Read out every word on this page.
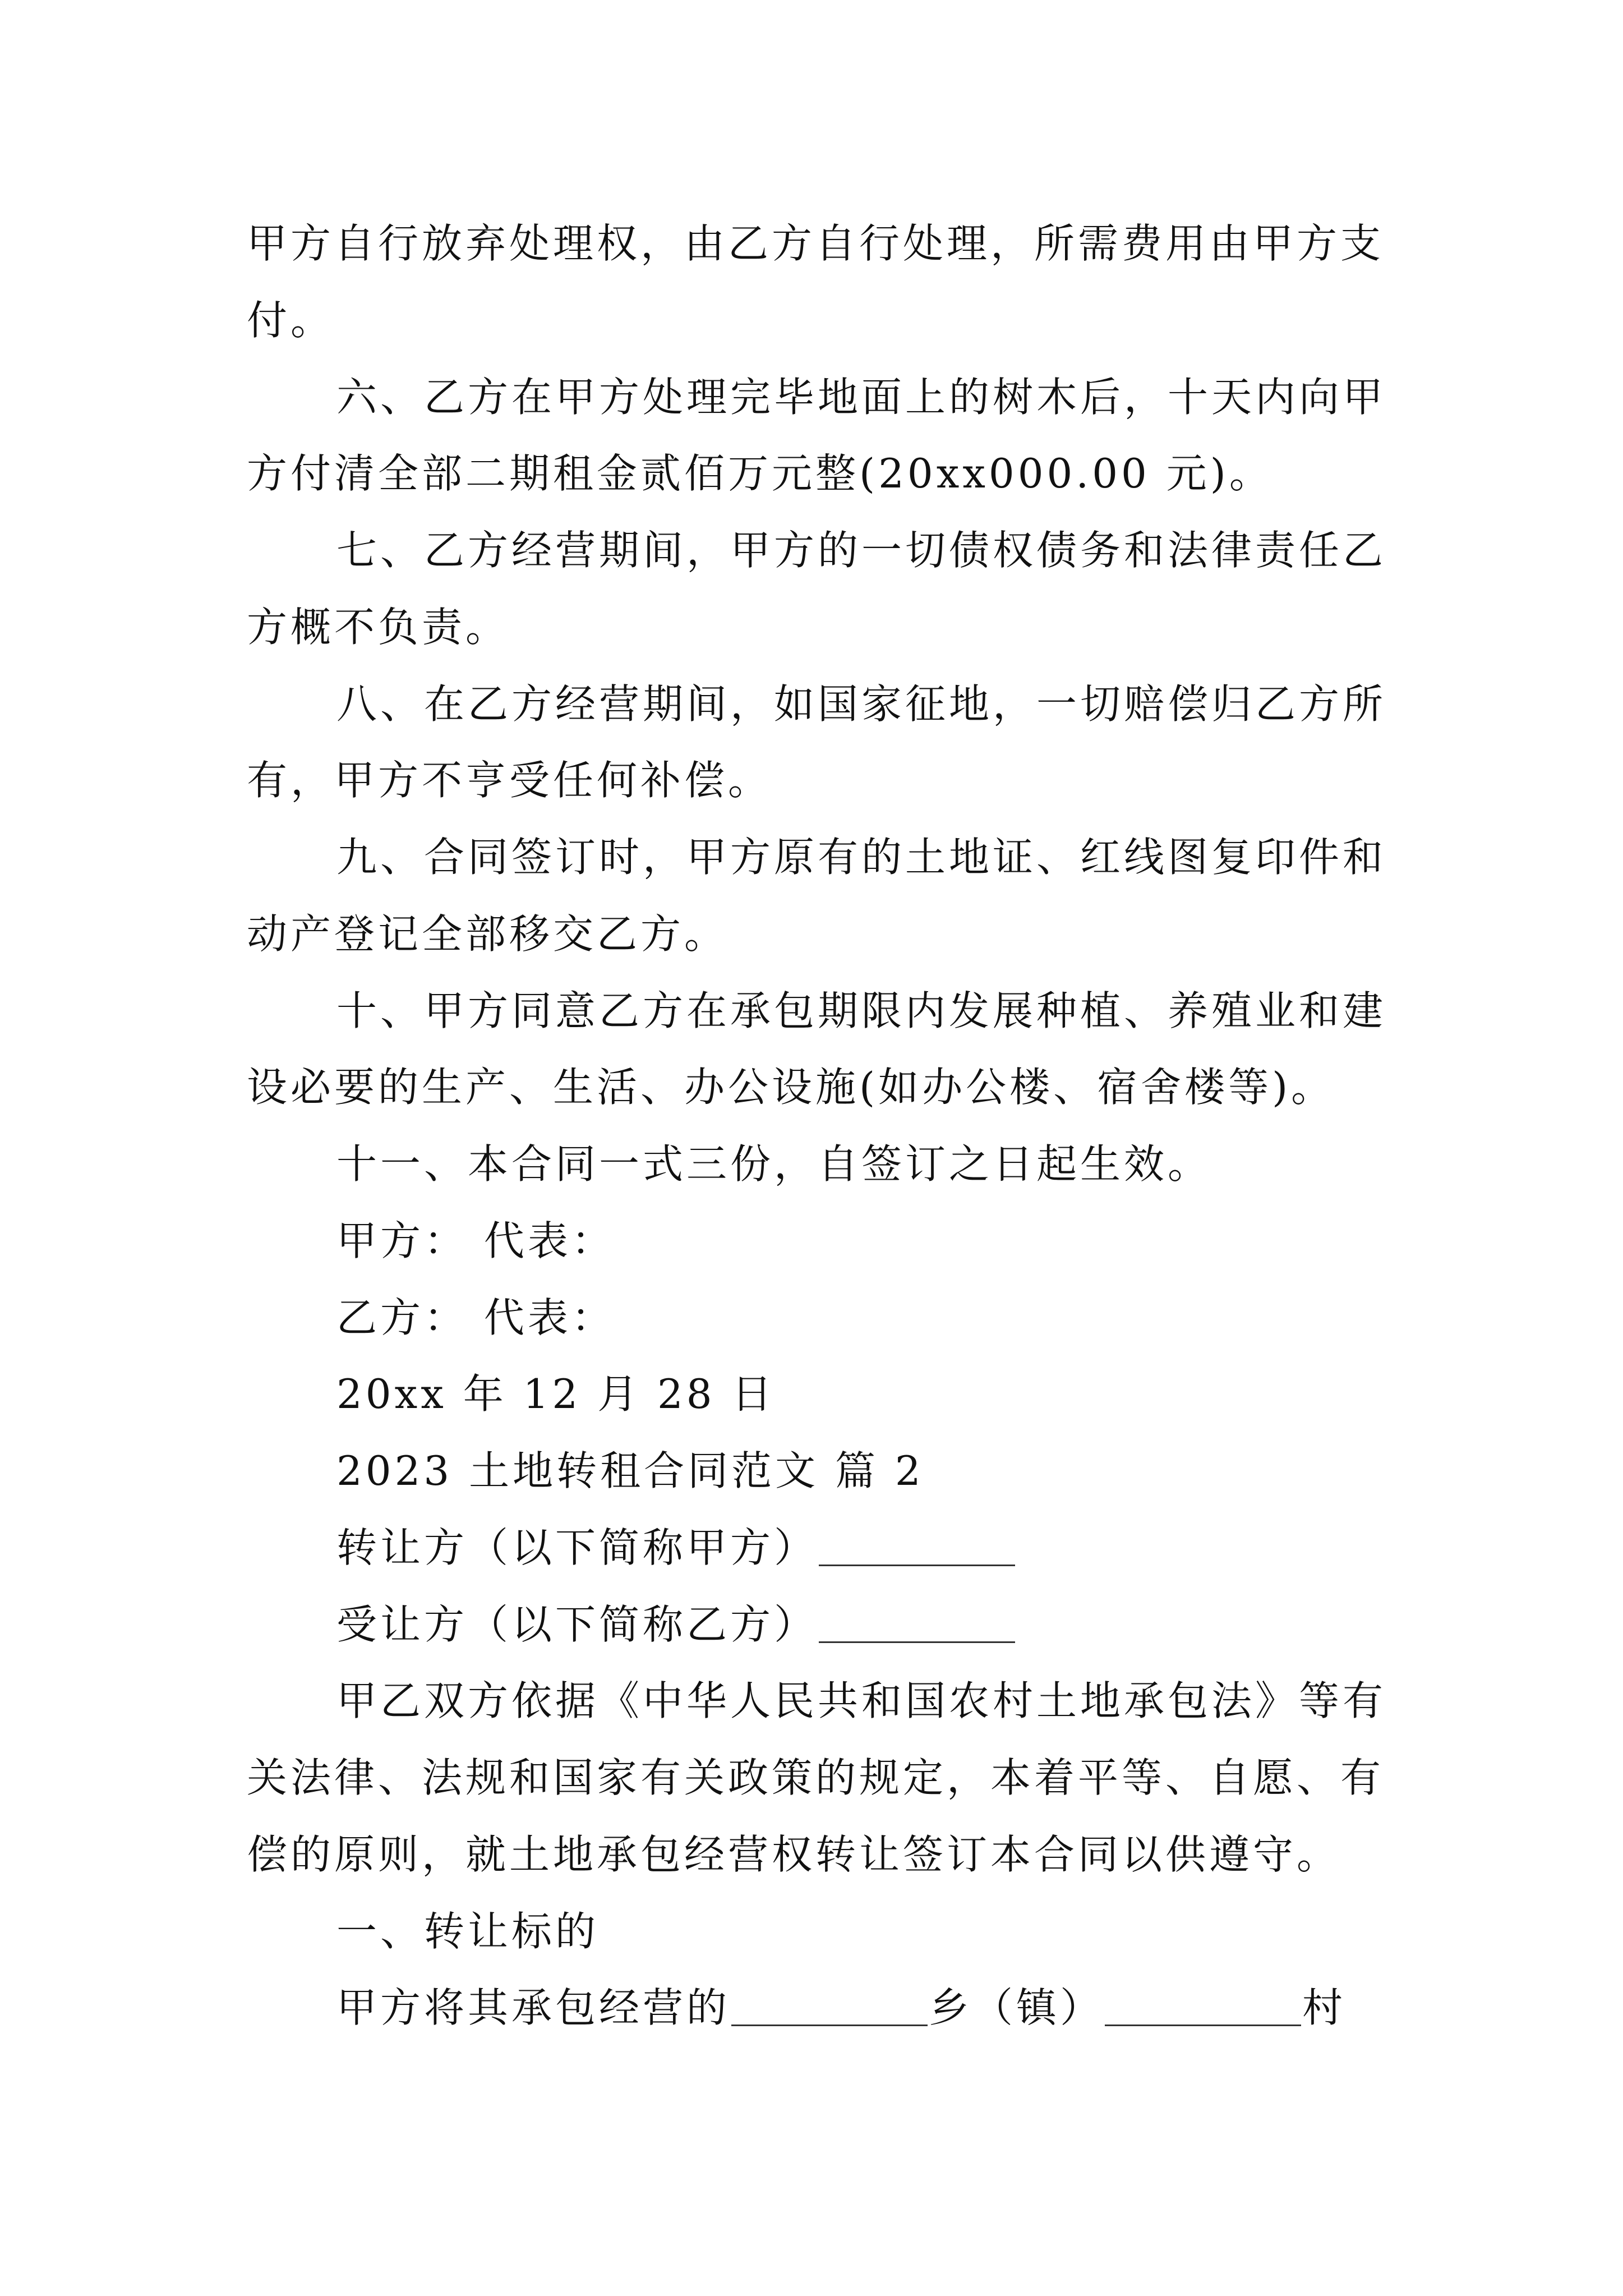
甲方自行放弃处理权，由乙方自行处理，所需费用由甲方支
付。
六、乙方在甲方处理完毕地面上的树木后，十天内向甲
方付清全部二期租金贰佰万元整(20xx000.00 元)。
七、乙方经营期间，甲方的一切债权债务和法律责任乙
方概不负责。
八、在乙方经营期间，如国家征地，一切赔偿归乙方所
有，甲方不亨受任何补偿。
九、合同签订时，甲方原有的土地证、红线图复印件和
动产登记全部移交乙方。
十、甲方同意乙方在承包期限内发展种植、养殖业和建
设必要的生产、生活、办公设施(如办公楼、宿舍楼等)。
十一、本合同一式三份，自签订之日起生效。
甲方： 代表：
乙方： 代表：
20xx 年 12 月 28 日
2023 土地转租合同范文 篇 2
转让方（以下简称甲方）
受让方（以下简称乙方）
甲乙双方依据《中华人民共和国农村土地承包法》等有
关法律、法规和国家有关政策的规定，本着平等、自愿、有
偿的原则，就土地承包经营权转让签订本合同以供遵守。
一、转让标的
甲方将其承包经营的	乡（镇）	村
